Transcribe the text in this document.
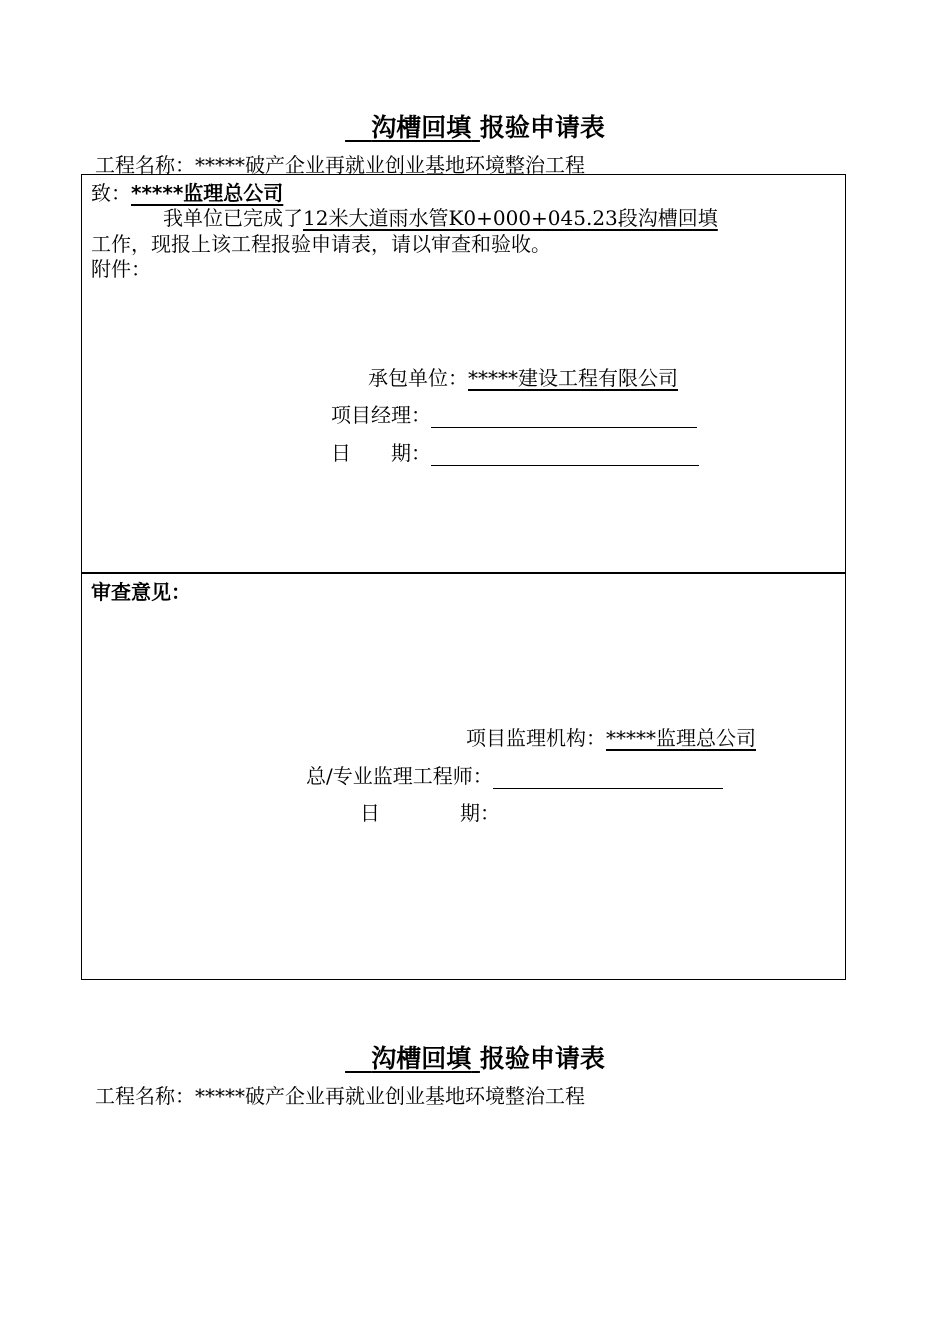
沟槽回填 报验申请表
工程名称：*****破产企业再就业创业基地环境整治工程
致：*****监理总公司
我单位已完成了12米大道雨水管K0+000+045.23段沟槽回填
工作，现报上该工程报验申请表，请以审查和验收。
附件：
承包单位：*****建设工程有限公司
项目经理：
日　　期：
审查意见：
项目监理机构：*****监理总公司
总/专业监理工程师：
日　　　　期：
沟槽回填 报验申请表
工程名称：*****破产企业再就业创业基地环境整治工程
